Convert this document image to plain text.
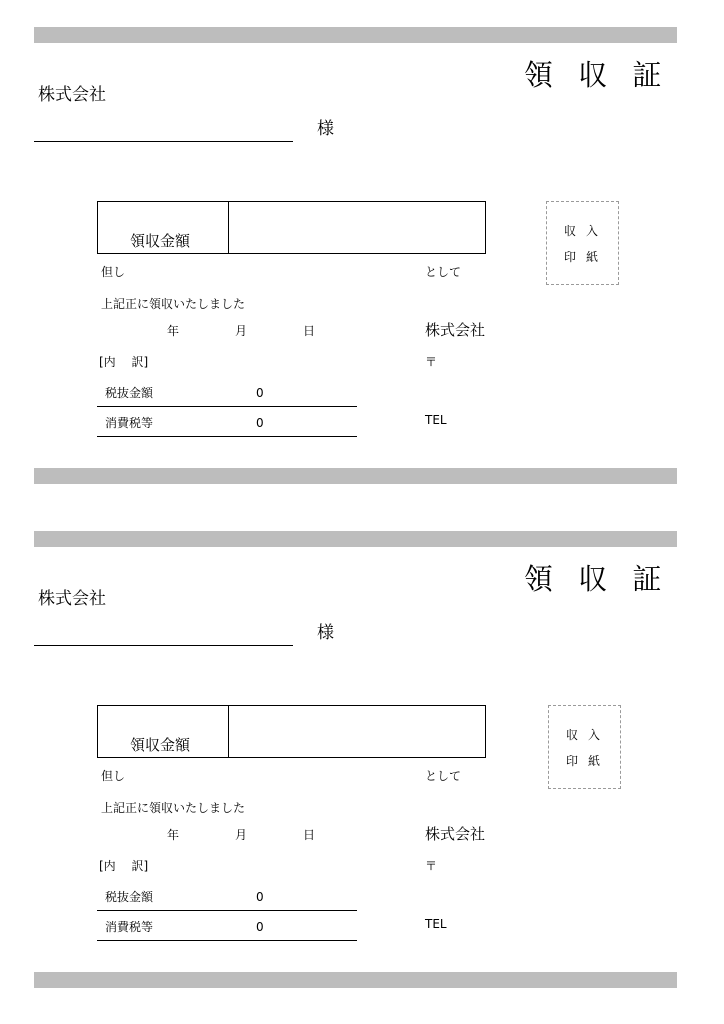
領 収 証
株式会社
様
領収金額
収入
印紙
但し	として
上記正に領収いたしました
年	月	日	株式会社
〒
TEL
[内　 訳]
税抜金額	0
消費税等	0
領 収 証
株式会社
様
領収金額
収入
印紙
但し	として
上記正に領収いたしました
年	月	日	株式会社
〒
TEL
[内　 訳]
税抜金額	0
消費税等	0
